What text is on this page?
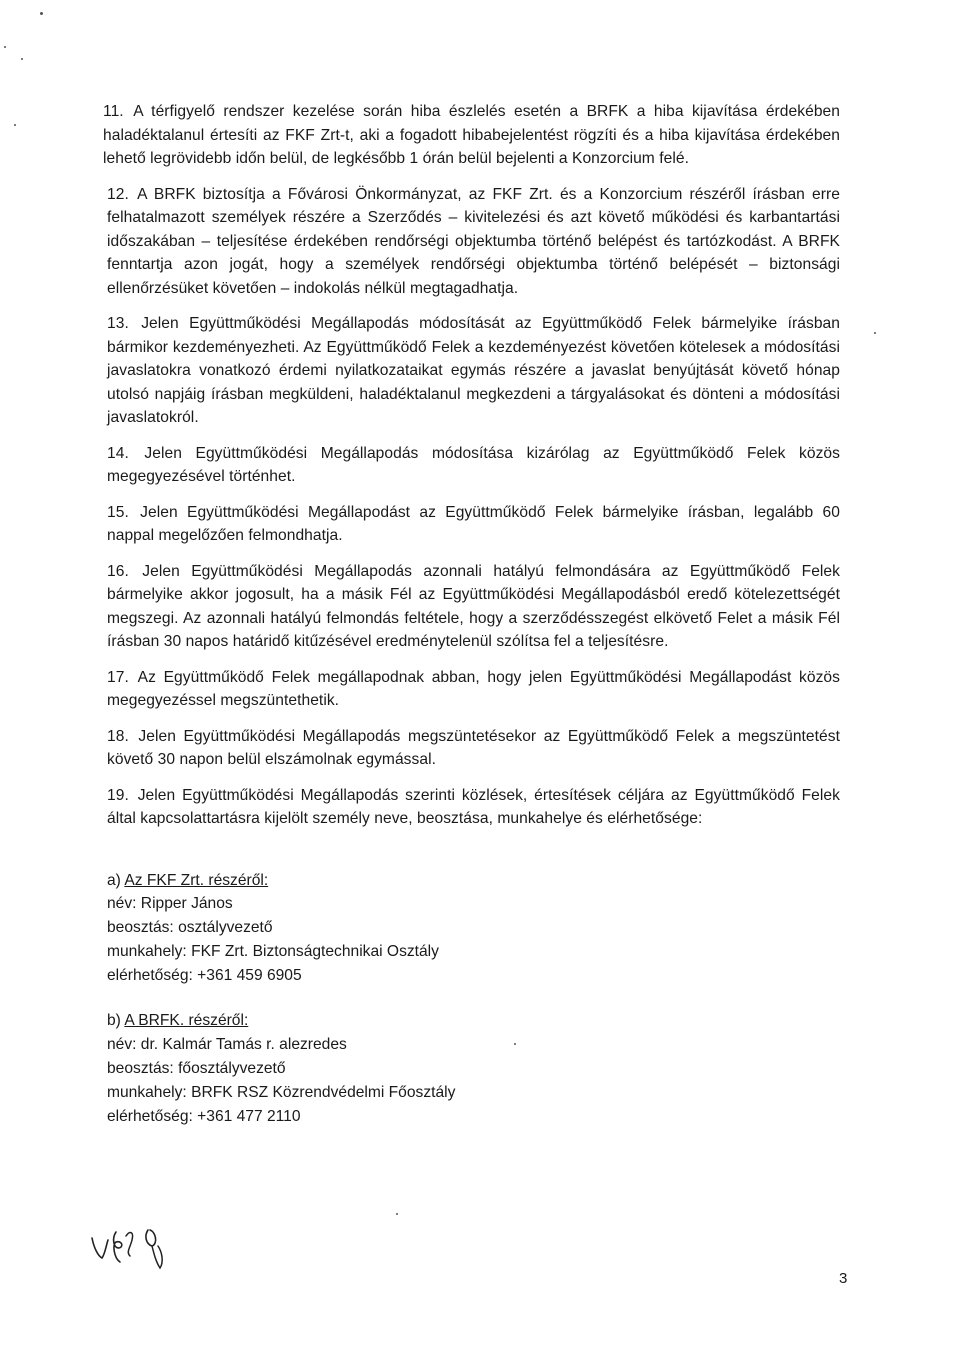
11. A térfigyelő rendszer kezelése során hiba észlelés esetén a BRFK a hiba kijavítása érdekében haladéktalanul értesíti az FKF Zrt-t, aki a fogadott hibabejelentést rögzíti és a hiba kijavítása érdekében lehető legrövidebb időn belül, de legkésőbb 1 órán belül bejelenti a Konzorcium felé.

12. A BRFK biztosítja a Fővárosi Önkormányzat, az FKF Zrt. és a Konzorcium részéről írásban erre felhatalmazott személyek részére a Szerződés – kivitelezési és azt követő működési és karbantartási időszakában – teljesítése érdekében rendőrségi objektumba történő belépést és tartózkodást. A BRFK fenntartja azon jogát, hogy a személyek rendőrségi objektumba történő belépését – biztonsági ellenőrzésüket követően – indokolás nélkül megtagadhatja.

13. Jelen Együttműködési Megállapodás módosítását az Együttműködő Felek bármelyike írásban bármikor kezdeményezheti. Az Együttműködő Felek a kezdeményezést követően kötelesek a módosítási javaslatokra vonatkozó érdemi nyilatkozataikat egymás részére a javaslat benyújtását követő hónap utolsó napjáig írásban megküldeni, haladéktalanul megkezdeni a tárgyalásokat és dönteni a módosítási javaslatokról.

14. Jelen Együttműködési Megállapodás módosítása kizárólag az Együttműködő Felek közös megegyezésével történhet.

15. Jelen Együttműködési Megállapodást az Együttműködő Felek bármelyike írásban, legalább 60 nappal megelőzően felmondhatja.

16. Jelen Együttműködési Megállapodás azonnali hatályú felmondására az Együttműködő Felek bármelyike akkor jogosult, ha a másik Fél az Együttműködési Megállapodásból eredő kötelezettségét megszegi. Az azonnali hatályú felmondás feltétele, hogy a szerződésszegést elkövető Felet a másik Fél írásban 30 napos határidő kitűzésével eredménytelenül szólítsa fel a teljesítésre.

17. Az Együttműködő Felek megállapodnak abban, hogy jelen Együttműködési Megállapodást közös megegyezéssel megszüntethetik.

18. Jelen Együttműködési Megállapodás megszüntetésekor az Együttműködő Felek a megszüntetést követő 30 napon belül elszámolnak egymással.

19. Jelen Együttműködési Megállapodás szerinti közlések, értesítések céljára az Együttműködő Felek által kapcsolattartásra kijelölt személy neve, beosztása, munkahelye és elérhetősége:

a) Az FKF Zrt. részéről:

név: Ripper János

beosztás: osztályvezető

munkahely: FKF Zrt. Biztonságtechnikai Osztály

elérhetőség: +361 459 6905

b) A BRFK. részéről:

név: dr. Kalmár Tamás r. alezredes

beosztás: főosztályvezető

munkahely: BRFK RSZ Közrendvédelmi Főosztály

elérhetőség: +361 477 2110

3
